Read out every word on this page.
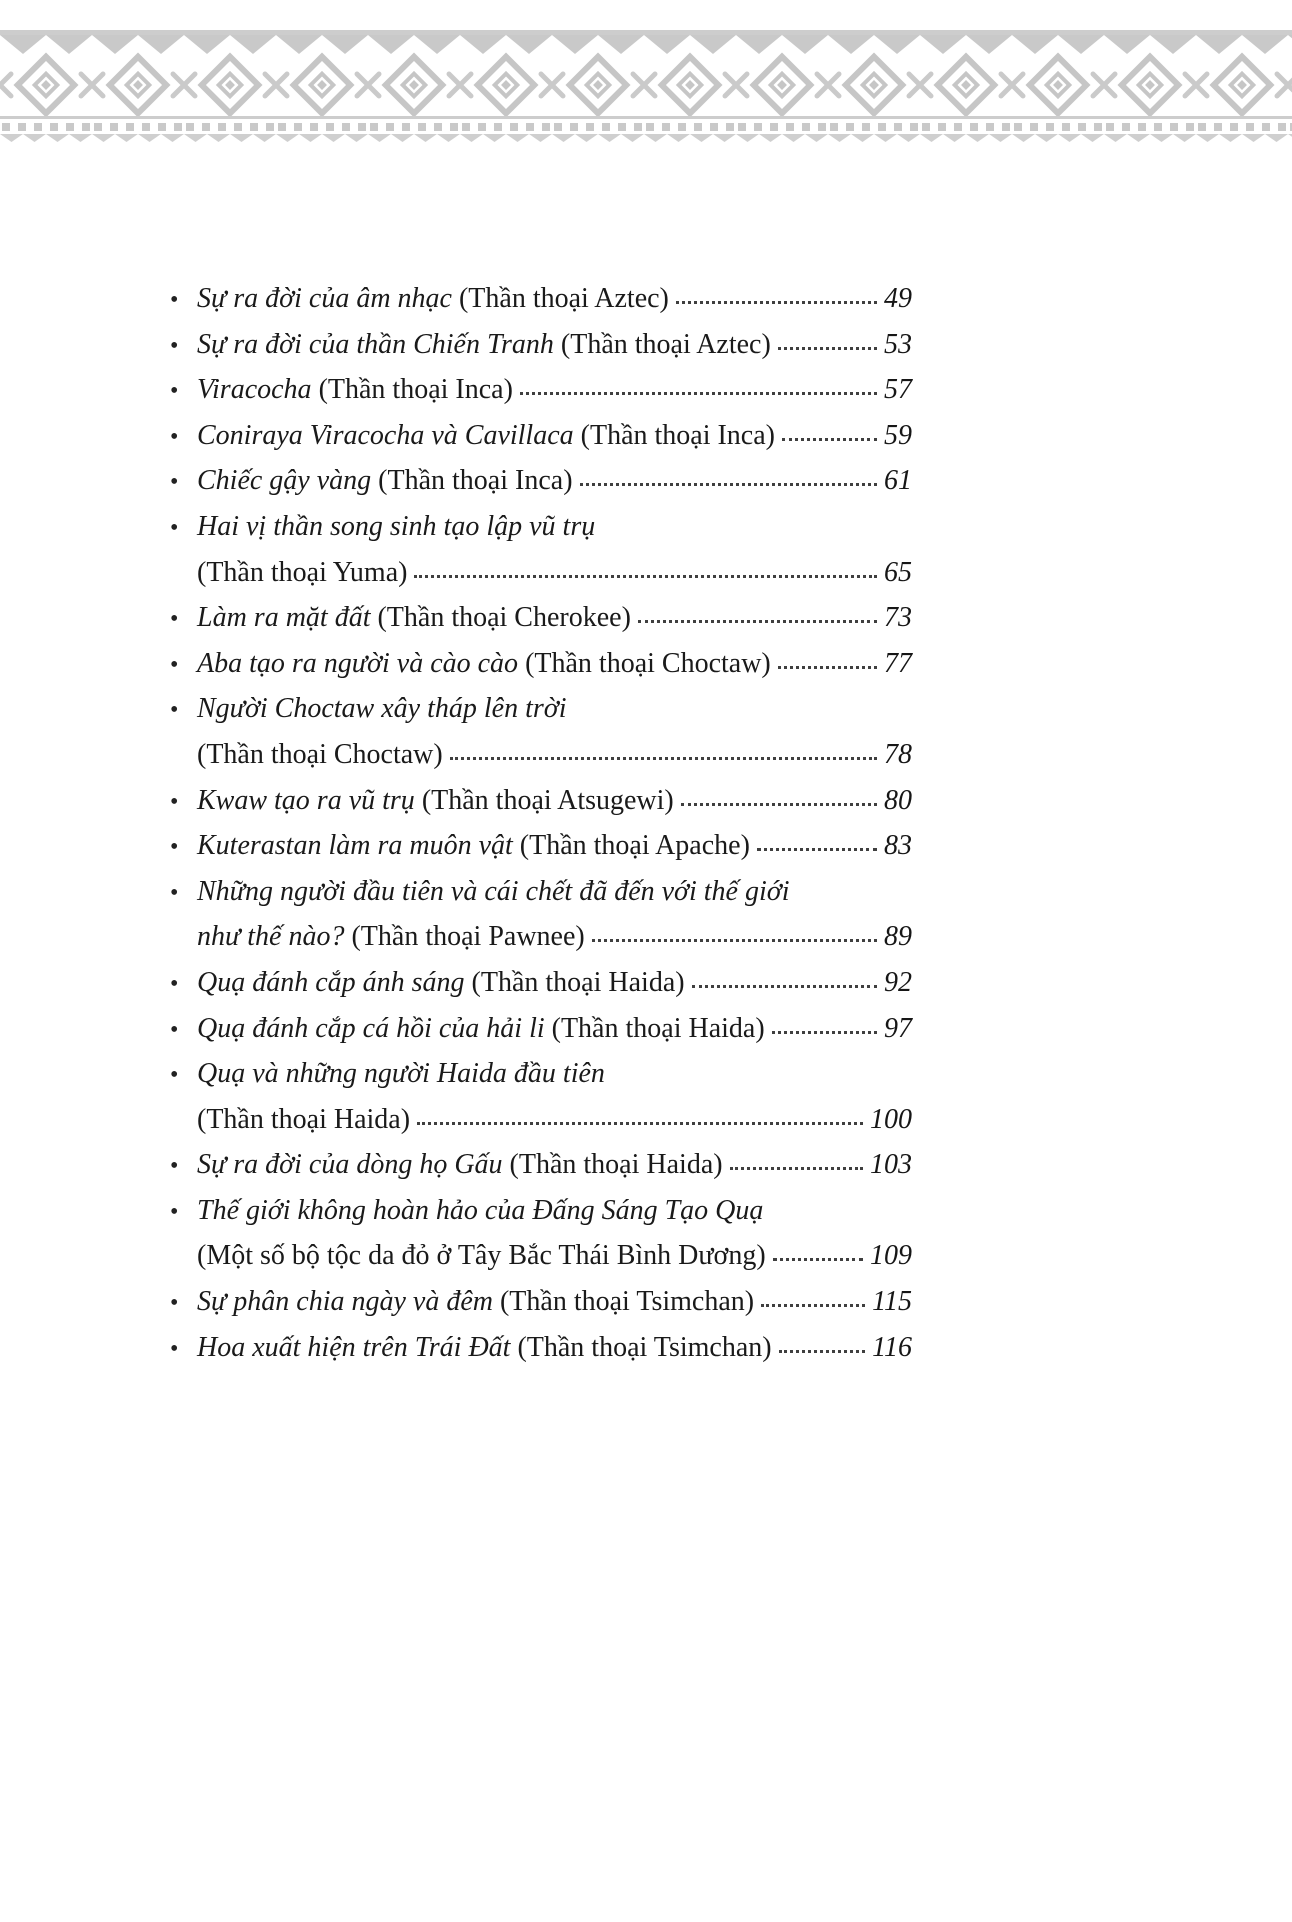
• Sự ra đời của âm nhạc (Thần thoại Aztec)	49
• Sự ra đời của thần Chiến Tranh (Thần thoại Aztec)	53
• Viracocha (Thần thoại Inca)	57
• Coniraya Viracocha và Cavillaca (Thần thoại Inca)	59
• Chiếc gậy vàng (Thần thoại Inca)	61
• Hai vị thần song sinh tạo lập vũ trụ
(Thần thoại Yuma)	65
• Làm ra mặt đất (Thần thoại Cherokee)	73
• Aba tạo ra người và cào cào (Thần thoại Choctaw)	77
• Người Choctaw xây tháp lên trời
(Thần thoại Choctaw)	78
• Kwaw tạo ra vũ trụ (Thần thoại Atsugewi)	80
• Kuterastan làm ra muôn vật (Thần thoại Apache)	83
• Những người đầu tiên và cái chết đã đến với thế giới
như thế nào? (Thần thoại Pawnee)	89
• Quạ đánh cắp ánh sáng (Thần thoại Haida)	92
• Quạ đánh cắp cá hồi của hải li (Thần thoại Haida)	97
• Quạ và những người Haida đầu tiên
(Thần thoại Haida)	100
• Sự ra đời của dòng họ Gấu (Thần thoại Haida)	103
• Thế giới không hoàn hảo của Đấng Sáng Tạo Quạ
(Một số bộ tộc da đỏ ở Tây Bắc Thái Bình Dương)	109
• Sự phân chia ngày và đêm (Thần thoại Tsimchan)	115
• Hoa xuất hiện trên Trái Đất (Thần thoại Tsimchan)	116
